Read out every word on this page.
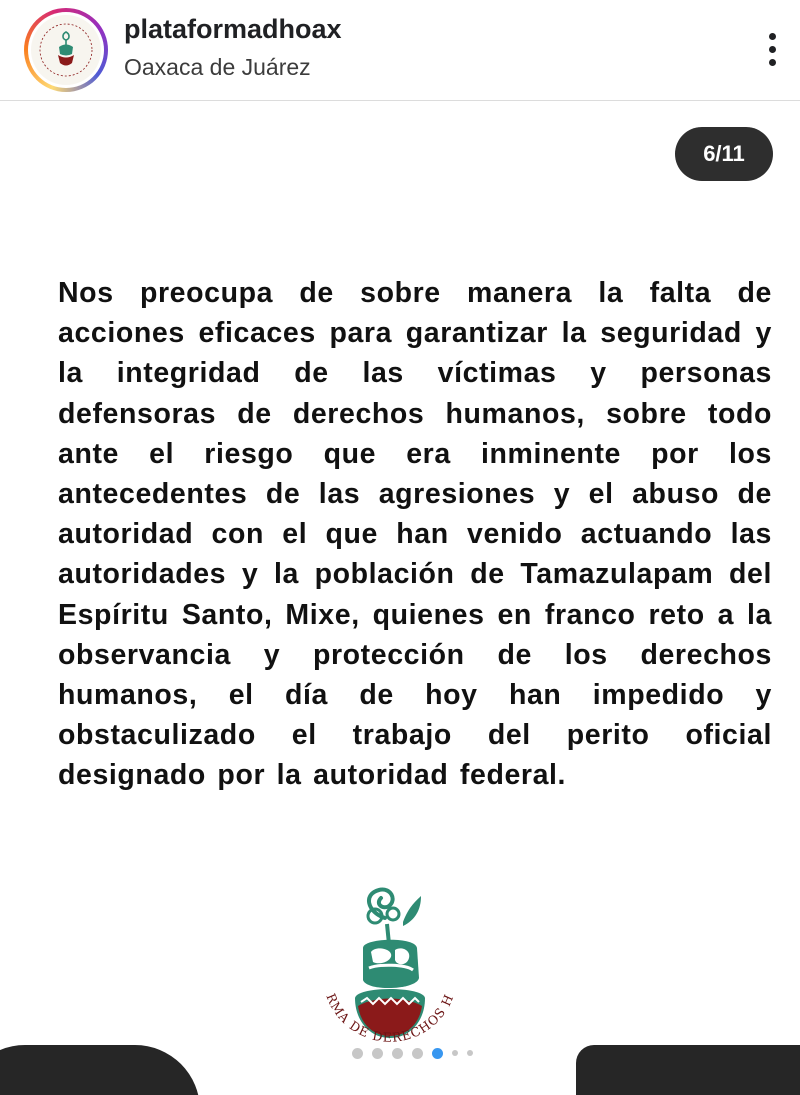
plataformadhoax
Oaxaca de Juárez
6/11
Nos preocupa de sobre manera la falta de acciones eficaces para garantizar la seguridad y la integridad de las víctimas y personas defensoras de derechos humanos, sobre todo ante el riesgo que era inminente por los antecedentes de las agresiones y el abuso de autoridad con el que han venido actuando las autoridades y la población de Tamazulapam del Espíritu Santo, Mixe, quienes en franco reto a la observancia y protección de los derechos humanos, el día de hoy han impedido y obstaculizado el trabajo del perito oficial designado por la autoridad federal.
RMA DE DERECHOS H
